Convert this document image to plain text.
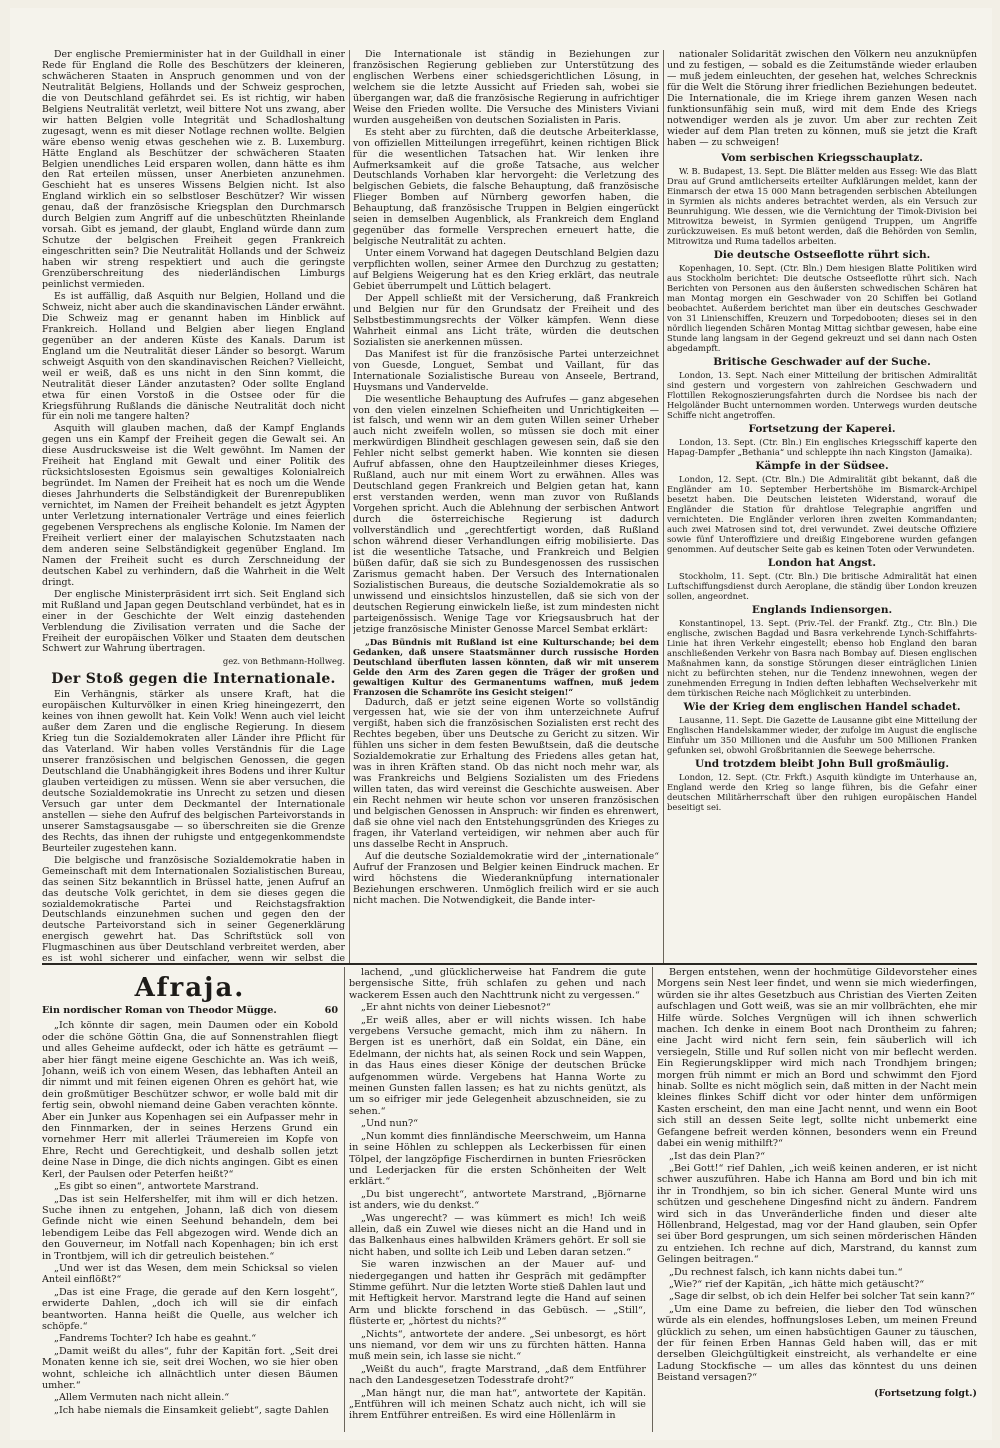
Der englische Premierminister hat in der Guildhall in einer Rede für England die Rolle des Beschützers der kleineren, schwächeren Staaten in Anspruch genommen und von der Neutralität Belgiens, Hollands und der Schweiz gesprochen, die von Deutschland gefährdet sei. Es ist richtig, wir haben Belgiens Neutralität verletzt, weil bittere Not uns zwang, aber wir hatten Belgien volle Integrität und Schadloshaltung zugesagt, wenn es mit dieser Notlage rechnen wollte. Belgien wäre ebenso wenig etwas geschehen wie z. B. Luxemburg. Hätte England als Beschützer der schwächeren Staaten Belgien unendliches Leid ersparen wollen, dann hätte es ihm den Rat erteilen müssen, unser Anerbieten anzunehmen. Geschieht hat es unseres Wissens Belgien nicht. Ist also England wirklich ein so selbstloser Beschützer? Wir wissen genau, daß der französische Kriegsplan den Durchmarsch durch Belgien zum Angriff auf die unbeschützten Rheinlande vorsah. Gibt es jemand, der glaubt, England würde dann zum Schutze der belgischen Freiheit gegen Frankreich eingeschritten sein? Die Neutralität Hollands und der Schweiz haben wir streng respektiert und auch die geringste Grenzüberschreitung des niederländischen Limburgs peinlichst vermieden.

Es ist auffällig, daß Asquith nur Belgien, Holland und die Schweiz, nicht aber auch die skandinavischen Länder erwähnt. Die Schweiz mag er genannt haben im Hinblick auf Frankreich. Holland und Belgien aber liegen England gegenüber an der anderen Küste des Kanals. Darum ist England um die Neutralität dieser Länder so besorgt. Warum schweigt Asquith von den skandinavischen Reichen? Vielleicht, weil er weiß, daß es uns nicht in den Sinn kommt, die Neutralität dieser Länder anzutasten? Oder sollte England etwa für einen Vorstoß in die Ostsee oder für die Kriegsführung Rußlands die dänische Neutralität doch nicht für ein noli me tangere halten?

Asquith will glauben machen, daß der Kampf Englands gegen uns ein Kampf der Freiheit gegen die Gewalt sei. An diese Ausdrucksweise ist die Welt gewöhnt. Im Namen der Freiheit hat England mit Gewalt und einer Politik des rücksichtslosesten Egoismus sein gewaltiges Kolonialreich begründet. Im Namen der Freiheit hat es noch um die Wende dieses Jahrhunderts die Selbständigkeit der Burenrepubliken vernichtet, im Namen der Freiheit behandelt es jetzt Ägypten unter Verletzung internationaler Verträge und eines feierlich gegebenen Versprechens als englische Kolonie. Im Namen der Freiheit verliert einer der malayischen Schutzstaaten nach dem anderen seine Selbständigkeit gegenüber England. Im Namen der Freiheit sucht es durch Zerschneidung der deutschen Kabel zu verhindern, daß die Wahrheit in die Welt dringt.

Der englische Ministerpräsident irrt sich. Seit England sich mit Rußland und Japan gegen Deutschland verbündet, hat es in einer in der Geschichte der Welt einzig dastehenden Verblendung die Zivilisation verraten und die Sache der Freiheit der europäischen Völker und Staaten dem deutschen Schwert zur Wahrung übertragen.

gez. von Bethmann-Hollweg.
Der Stoß gegen die Internationale.

Ein Verhängnis, stärker als unsere Kraft, hat die europäischen Kulturvölker in einen Krieg hineingezerrt, den keines von ihnen gewollt hat. Kein Volk! Wenn auch viel leicht außer dem Zaren und die englische Regierung. In diesem Krieg tun die Sozialdemokraten aller Länder ihre Pflicht für das Vaterland. Wir haben volles Verständnis für die Lage unserer französischen und belgischen Genossen, die gegen Deutschland die Unabhängigkeit ihres Bodens und ihrer Kultur glauben verteidigen zu müssen. Wenn sie aber versuchen, die deutsche Sozialdemokratie ins Unrecht zu setzen und diesen Versuch gar unter dem Deckmantel der Internationale anstellen — siehe den Aufruf des belgischen Parteivorstands in unserer Samstagsausgabe — so überschreiten sie die Grenze des Rechts, das ihnen der ruhigste und entgegenkommendste Beurteiler zugestehen kann.

Die belgische und französische Sozialdemokratie haben in Gemeinschaft mit dem Internationalen Sozialistischen Bureau, das seinen Sitz bekanntlich in Brüssel hatte, jenen Aufruf an das deutsche Volk gerichtet, in dem sie dieses gegen die sozialdemokratische Partei und Reichstagsfraktion Deutschlands einzunehmen suchen und gegen den der deutsche Parteivorstand sich in seiner Gegenerklärung energisch gewehrt hat. Das Schriftstück soll von Flugmaschinen aus über Deutschland verbreitet werden, aber es ist wohl sicherer und einfacher, wenn wir selbst die

Die Internationale ist ständig in Beziehungen zur französischen Regierung geblieben zur Unterstützung des englischen Werbens einer schiedsgerichtlichen Lösung, in welchem sie die letzte Aussicht auf Frieden sah, wobei sie übergangen war, daß die französische Regierung in aufrichtiger Weise den Frieden wollte. Die Versuche des Ministers Viviani wurden ausgeheißen von deutschen Sozialisten in Paris.

Es steht aber zu fürchten, daß die deutsche Arbeiterklasse, von offiziellen Mitteilungen irregeführt, keinen richtigen Blick für die wesentlichen Tatsachen hat. Wir lenken ihre Aufmerksamkeit auf die große Tatsache, aus welcher Deutschlands Vorhaben klar hervorgeht: die Verletzung des belgischen Gebiets, die falsche Behauptung, daß französische Flieger Bomben auf Nürnberg geworfen haben, die Behauptung, daß französische Truppen in Belgien eingerückt seien in demselben Augenblick, als Frankreich dem England gegenüber das formelle Versprechen erneuert hatte, die belgische Neutralität zu achten.

Unter einem Vorwand hat dagegen Deutschland Belgien dazu verpflichten wollen, seiner Armee den Durchzug zu gestatten; auf Belgiens Weigerung hat es den Krieg erklärt, das neutrale Gebiet überrumpelt und Lüttich belagert.

Der Appell schließt mit der Versicherung, daß Frankreich und Belgien nur für den Grundsatz der Freiheit und des Selbstbestimmungsrechts der Völker kämpfen. Wenn diese Wahrheit einmal ans Licht träte, würden die deutschen Sozialisten sie anerkennen müssen.

Das Manifest ist für die französische Partei unterzeichnet von Guesde, Longuet, Sembat und Vaillant, für das Internationale Sozialistische Bureau von Anseele, Bertrand, Huysmans und Vandervelde.

Die wesentliche Behauptung des Aufrufes — ganz abgesehen von den vielen einzelnen Schiefheiten und Unrichtigkeiten — ist falsch, und wenn wir an dem guten Willen seiner Urheber auch nicht zweifeln wollen, so müssen sie doch mit einer merkwürdigen Blindheit geschlagen gewesen sein, daß sie den Fehler nicht selbst gemerkt haben. Wie konnten sie diesen Aufruf abfassen, ohne den Hauptzeileinhmer dieses Krieges, Rußland, auch nur mit einem Wort zu erwähnen. Alles was Deutschland gegen Frankreich und Belgien getan hat, kann erst verstanden werden, wenn man zuvor von Rußlands Vorgehen spricht. Auch die Ablehnung der serbischen Antwort durch die österreichische Regierung ist dadurch vollverständlich und „gerechtfertigt worden, daß Rußland schon während dieser Verhandlungen eifrig mobilisierte. Das ist die wesentliche Tatsache, und Frankreich und Belgien büßen dafür, daß sie sich zu Bundesgenossen des russischen Zarismus gemacht haben. Der Versuch des Internationalen Sozialistischen Bureaus, die deutsche Sozialdemokratie als so unwissend und einsichtslos hinzustellen, daß sie sich von der deutschen Regierung einwickeln ließe, ist zum mindesten nicht parteigenössisch. Wenige Tage vor Kriegsausbruch hat der jetzige französische Minister Genosse Marcel Sembat erklärt:

„Das Bündnis mit Rußland ist eine Kulturschande; bei dem Gedanken, daß unsere Staatsmänner durch russische Horden Deutschland überfluten lassen könnten, daß wir mit unserem Gelde den Arm des Zaren gegen die Träger der großen und gewaltigen Kultur des Germanentums waffnen, muß jedem Franzosen die Schamröte ins Gesicht steigen!“

Dadurch, daß er jetzt seine eigenen Worte so vollständig vergessen hat, wie sie der von ihm unterzeichnete Aufruf vergißt, haben sich die französischen Sozialisten erst recht des Rechtes begeben, über uns Deutsche zu Gericht zu sitzen. Wir fühlen uns sicher in dem festen Bewußtsein, daß die deutsche Sozialdemokratie zur Erhaltung des Friedens alles getan hat, was in ihren Kräften stand. Ob das nicht noch mehr war, als was Frankreichs und Belgiens Sozialisten um des Friedens willen taten, das wird vereinst die Geschichte ausweisen. Aber ein Recht nehmen wir heute schon vor unseren französischen und belgischen Genossen in Anspruch: wir finden es ehrenwert, daß sie ohne viel nach den Entstehungsgründen des Krieges zu fragen, ihr Vaterland verteidigen, wir nehmen aber auch für uns dasselbe Recht in Anspruch.

Auf die deutsche Sozialdemokratie wird der „internationale“ Aufruf der Franzosen und Belgier keinen Eindruck machen. Er wird höchstens die Wiederanknüpfung internationaler Beziehungen erschweren. Unmöglich freilich wird er sie auch nicht machen. Die Notwendigkeit, die Bande inter-

nationaler Solidarität zwischen den Völkern neu anzuknüpfen und zu festigen, — sobald es die Zeitumstände wieder erlauben — muß jedem einleuchten, der gesehen hat, welches Schrecknis für die Welt die Störung ihrer friedlichen Beziehungen bedeutet. Die Internationale, die im Kriege ihrem ganzen Wesen nach funktionsunfähig sein muß, wird mit dem Ende des Kriegs notwendiger werden als je zuvor. Um aber zur rechten Zeit wieder auf dem Plan treten zu können, muß sie jetzt die Kraft haben — zu schweigen!

Vom serbischen Kriegsschauplatz.

W. B. Budapest, 13. Sept. Die Blätter melden aus Esseg: Wie das Blatt Drau auf Grund amtlicherseits erteilter Aufklärungen meldet, kann der Einmarsch der etwa 15 000 Mann betragenden serbischen Abteilungen in Syrmien als nichts anderes betrachtet werden, als ein Versuch zur Beunruhigung. Wie dessen, wie die Vernichtung der Timok-Division bei Mitrowitza beweist, in Syrmien genügend Truppen, um Angriffe zurückzuweisen. Es muß betont werden, daß die Behörden von Semlin, Mitrowitza und Ruma tadellos arbeiten.

Die deutsche Ostseeflotte rührt sich.

Kopenhagen, 10. Sept. (Ctr. Bln.) Dem hiesigen Blatte Politiken wird aus Stockholm berichtet: Die deutsche Ostseeflotte rührt sich. Nach Berichten von Personen aus den äußersten schwedischen Schären hat man Montag morgen ein Geschwader von 20 Schiffen bei Gotland beobachtet. Außerdem berichtet man über ein deutsches Geschwader von 31 Linienschiffen, Kreuzern und Torpedobooten; dieses sei in den nördlich liegenden Schären Montag Mittag sichtbar gewesen, habe eine Stunde lang langsam in der Gegend gekreuzt und sei dann nach Osten abgedampft.

Britische Geschwader auf der Suche.

London, 13. Sept. Nach einer Mitteilung der britischen Admiralität sind gestern und vorgestern von zahlreichen Geschwadern und Flottillen Rekognoszierungsfahrten durch die Nordsee bis nach der Helgoländer Bucht unternommen worden. Unterwegs wurden deutsche Schiffe nicht angetroffen.

Fortsetzung der Kaperei.

London, 13. Sept. (Ctr. Bln.) Ein englisches Kriegsschiff kaperte den Hapag-Dampfer „Bethania“ und schleppte ihn nach Kingston (Jamaika).

Kämpfe in der Südsee.

London, 12. Sept. (Ctr. Bln.) Die Admiralität gibt bekannt, daß die Engländer am 10. September Herbertshöhe im Bismarck-Archipel besetzt haben. Die Deutschen leisteten Widerstand, worauf die Engländer die Station für drahtlose Telegraphie angriffen und vernichteten. Die Engländer verloren ihren zweiten Kommandanten; auch zwei Matrosen sind tot, drei verwundet. Zwei deutsche Offiziere sowie fünf Unteroffiziere und dreißig Eingeborene wurden gefangen genommen. Auf deutscher Seite gab es keinen Toten oder Verwundeten.

London hat Angst.

Stockholm, 11. Sept. (Ctr. Bln.) Die britische Admiralität hat einen Luftschiffungsdienst durch Aeroplane, die ständig über London kreuzen sollen, angeordnet.

Englands Indiensorgen.

Konstantinopel, 13. Sept. (Priv.-Tel. der Frankf. Ztg., Ctr. Bln.) Die englische, zwischen Bagdad und Basra verkehrende Lynch-Schiffahrts-Linie hat ihren Verkehr eingestellt; ebenso hob England den baran anschließenden Verkehr von Basra nach Bombay auf. Diesen englischen Maßnahmen kann, da sonstige Störungen dieser einträglichen Linien nicht zu befürchten stehen, nur die Tendenz innewohnen, wegen der zunehmenden Erregung in Indien deften lebhaften Wechselverkehr mit dem türkischen Reiche nach Möglichkeit zu unterbinden.

Wie der Krieg dem englischen Handel schadet.

Lausanne, 11. Sept. Die Gazette de Lausanne gibt eine Mitteilung der Englischen Handelskammer wieder, der zufolge im August die englische Einfuhr um 350 Millionen und die Ausfuhr um 500 Millionen Franken gefunken sei, obwohl Großbritannien die Seewege beherrsche.

Und trotzdem bleibt John Bull großmäulig.

London, 12. Sept. (Ctr. Frkft.) Asquith kündigte im Unterhause an, England werde den Krieg so lange führen, bis die Gefahr einer deutschen Militärherrschaft über den ruhigen europäischen Handel beseitigt sei.

Afraja.
Ein nordischer Roman von Theodor Mügge.	60

„Ich könnte dir sagen, mein Daumen oder ein Kobold oder die schöne Göttin Gna, die auf Sonnenstrahlen fliegt und alles Geheime aufdeckt, oder ich hätte es geträumt — aber hier fängt meine eigene Geschichte an. Was ich weiß, Johann, weiß ich von einem Wesen, das lebhaften Anteil an dir nimmt und mit feinen eigenen Ohren es gehört hat, wie dein großmütiger Beschützer schwor, er wolle bald mit dir fertig sein, obwohl niemand deine Gaben verachten könnte. Aber ein Junker aus Kopenhagen sei ein Aufpasser mehr in den Finnmarken, der in seines Herzens Grund ein vornehmer Herr mit allerlei Träumereien im Kopfe von Ehre, Recht und Gerechtigkeit, und deshalb sollen jetzt deine Nase in Dinge, die dich nichts angingen. Gibt es einen Kerl, der Paulsen oder Peterfen heißt?“

„Es gibt so einen“, antwortete Marstrand.

„Das ist sein Helfershelfer, mit ihm will er dich hetzen. Suche ihnen zu entgehen, Johann, laß dich von diesem Gefinde nicht wie einen Seehund behandeln, dem bei lebendigem Leibe das Fell abgezogen wird. Wende dich an den Gouverneur, im Notfall nach Kopenhagen; bin ich erst in Trontbjem, will ich dir getreulich beistehen.“

„Und wer ist das Wesen, dem mein Schicksal so vielen Anteil einflößt?“

„Das ist eine Frage, die gerade auf den Kern losgeht“, erwiderte Dahlen, „doch ich will sie dir einfach beantworten. Hanna heißt die Quelle, aus welcher ich schöpfe.“

„Fandrems Tochter? Ich habe es geahnt.“

„Damit weißt du alles“, fuhr der Kapitän fort. „Seit drei Monaten kenne ich sie, seit drei Wochen, wo sie hier oben wohnt, schleiche ich allnächtlich unter diesen Bäumen umher.“

„Allem Vermuten nach nicht allein.“

„Ich habe niemals die Einsamkeit geliebt“, sagte Dahlen

lachend, „und glücklicherweise hat Fandrem die gute bergensische Sitte, früh schlafen zu gehen und nach wackerem Essen auch den Nachttrunk nicht zu vergessen.“

„Er ahnt nichts von deiner Liebesnot?“

„Er weiß alles, aber er will nichts wissen. Ich habe vergebens Versuche gemacht, mich ihm zu nähern. In Bergen ist es unerhört, daß ein Soldat, ein Däne, ein Edelmann, der nichts hat, als seinen Rock und sein Wappen, in das Haus eines dieser Könige der deutschen Brücke aufgenommen würde. Vergebens hat Hanna Worte zu meinen Gunsten fallen lassen; es hat zu nichts genützt, als um so eifriger mir jede Gelegenheit abzuschneiden, sie zu sehen.“

„Und nun?“

„Nun kommt dies finnländische Meerschweim, um Hanna in seine Höhlen zu schleppen als Leckerbissen für einen Tölpel, der langzöpfige Fischerdirnen in bunten Friesröcken und Lederjacken für die ersten Schönheiten der Welt erklärt.“

„Du bist ungerecht“, antwortete Marstrand, „Björnarne ist anders, wie du denkst.“

„Was ungerecht? — was kümmert es mich! Ich weiß allein, daß ein Zuwel wie dieses nicht an die Hand und in das Balkenhaus eines halbwilden Krämers gehört. Er soll sie nicht haben, und sollte ich Leib und Leben daran setzen.“

Sie waren inzwischen an der Mauer auf- und niedergegangen und hatten ihr Gespräch mit gedämpfter Stimme geführt. Nur die letzten Worte stieß Dahlen laut und mit Heftigkeit hervor. Marstrand legte die Hand auf seinen Arm und blickte forschend in das Gebüsch. — „Still“, flüsterte er, „hörtest du nichts?“

„Nichts“, antwortete der andere. „Sei unbesorgt, es hört uns niemand, vor dem wir uns zu fürchten hätten. Hanna muß mein sein, ich lasse sie nicht.“

„Weißt du auch“, fragte Marstrand, „daß dem Entführer nach den Landesgesetzen Todesstrafe droht?“

„Man hängt nur, die man hat“, antwortete der Kapitän. „Entführen will ich meinen Schatz auch nicht, ich will sie ihrem Entführer entreißen. Es wird eine Höllenlärm in

Bergen entstehen, wenn der hochmütige Gildevorsteher eines Morgens sein Nest leer findet, und wenn sie mich wiederfingen, würden sie ihr altes Gesetzbuch aus Christian des Vierten Zeiten aufschlagen und Gott weiß, was sie an mir vollbrächten, ehe mir Hilfe würde. Solches Vergnügen will ich ihnen schwerlich machen. Ich denke in einem Boot nach Drontheim zu fahren; eine Jacht wird nicht fern sein, fein säuberlich will ich versiegeln, Stille und Ruf sollen nicht von mir beflecht werden. Ein Regierungsklipper wird mich nach Trondhjem bringen; morgen früh nimmt er mich an Bord und schwimmt den Fjord hinab. Sollte es nicht möglich sein, daß mitten in der Nacht mein kleines flinkes Schiff dicht vor oder hinter dem unförmigen Kasten erscheint, den man eine Jacht nennt, und wenn ein Boot sich still an dessen Seite legt, sollte nicht unbemerkt eine Gefangene befreit werden können, besonders wenn ein Freund dabei ein wenig mithilft?“

„Ist das dein Plan?“

„Bei Gott!“ rief Dahlen, „ich weiß keinen anderen, er ist nicht schwer auszuführen. Habe ich Hanna am Bord und bin ich mit ihr in Trondhjem, so bin ich sicher. General Munte wird uns schützen und geschehene Dingesfind nicht zu ändern. Fandrem wird sich in das Unveränderliche finden und dieser alte Höllenbrand, Helgestad, mag vor der Hand glauben, sein Opfer sei über Bord gesprungen, um sich seinen mörderischen Händen zu entziehen. Ich rechne auf dich, Marstrand, du kannst zum Gelingen beitragen.“

„Du rechnest falsch, ich kann nichts dabei tun.“

„Wie?“ rief der Kapitän, „ich hätte mich getäuscht?“

„Sage dir selbst, ob ich dein Helfer bei solcher Tat sein kann?“

„Um eine Dame zu befreien, die lieber den Tod wünschen würde als ein elendes, hoffnungsloses Leben, um meinen Freund glücklich zu sehen, um einen habsüchtigen Gauner zu täuschen, der für feinen Erben Hannas Geld haben will, das er mit derselben Gleichgültigkeit einstreicht, als verhandelte er eine Ladung Stockfische — um alles das könntest du uns deinen Beistand versagen?“

(Fortsetzung folgt.)
